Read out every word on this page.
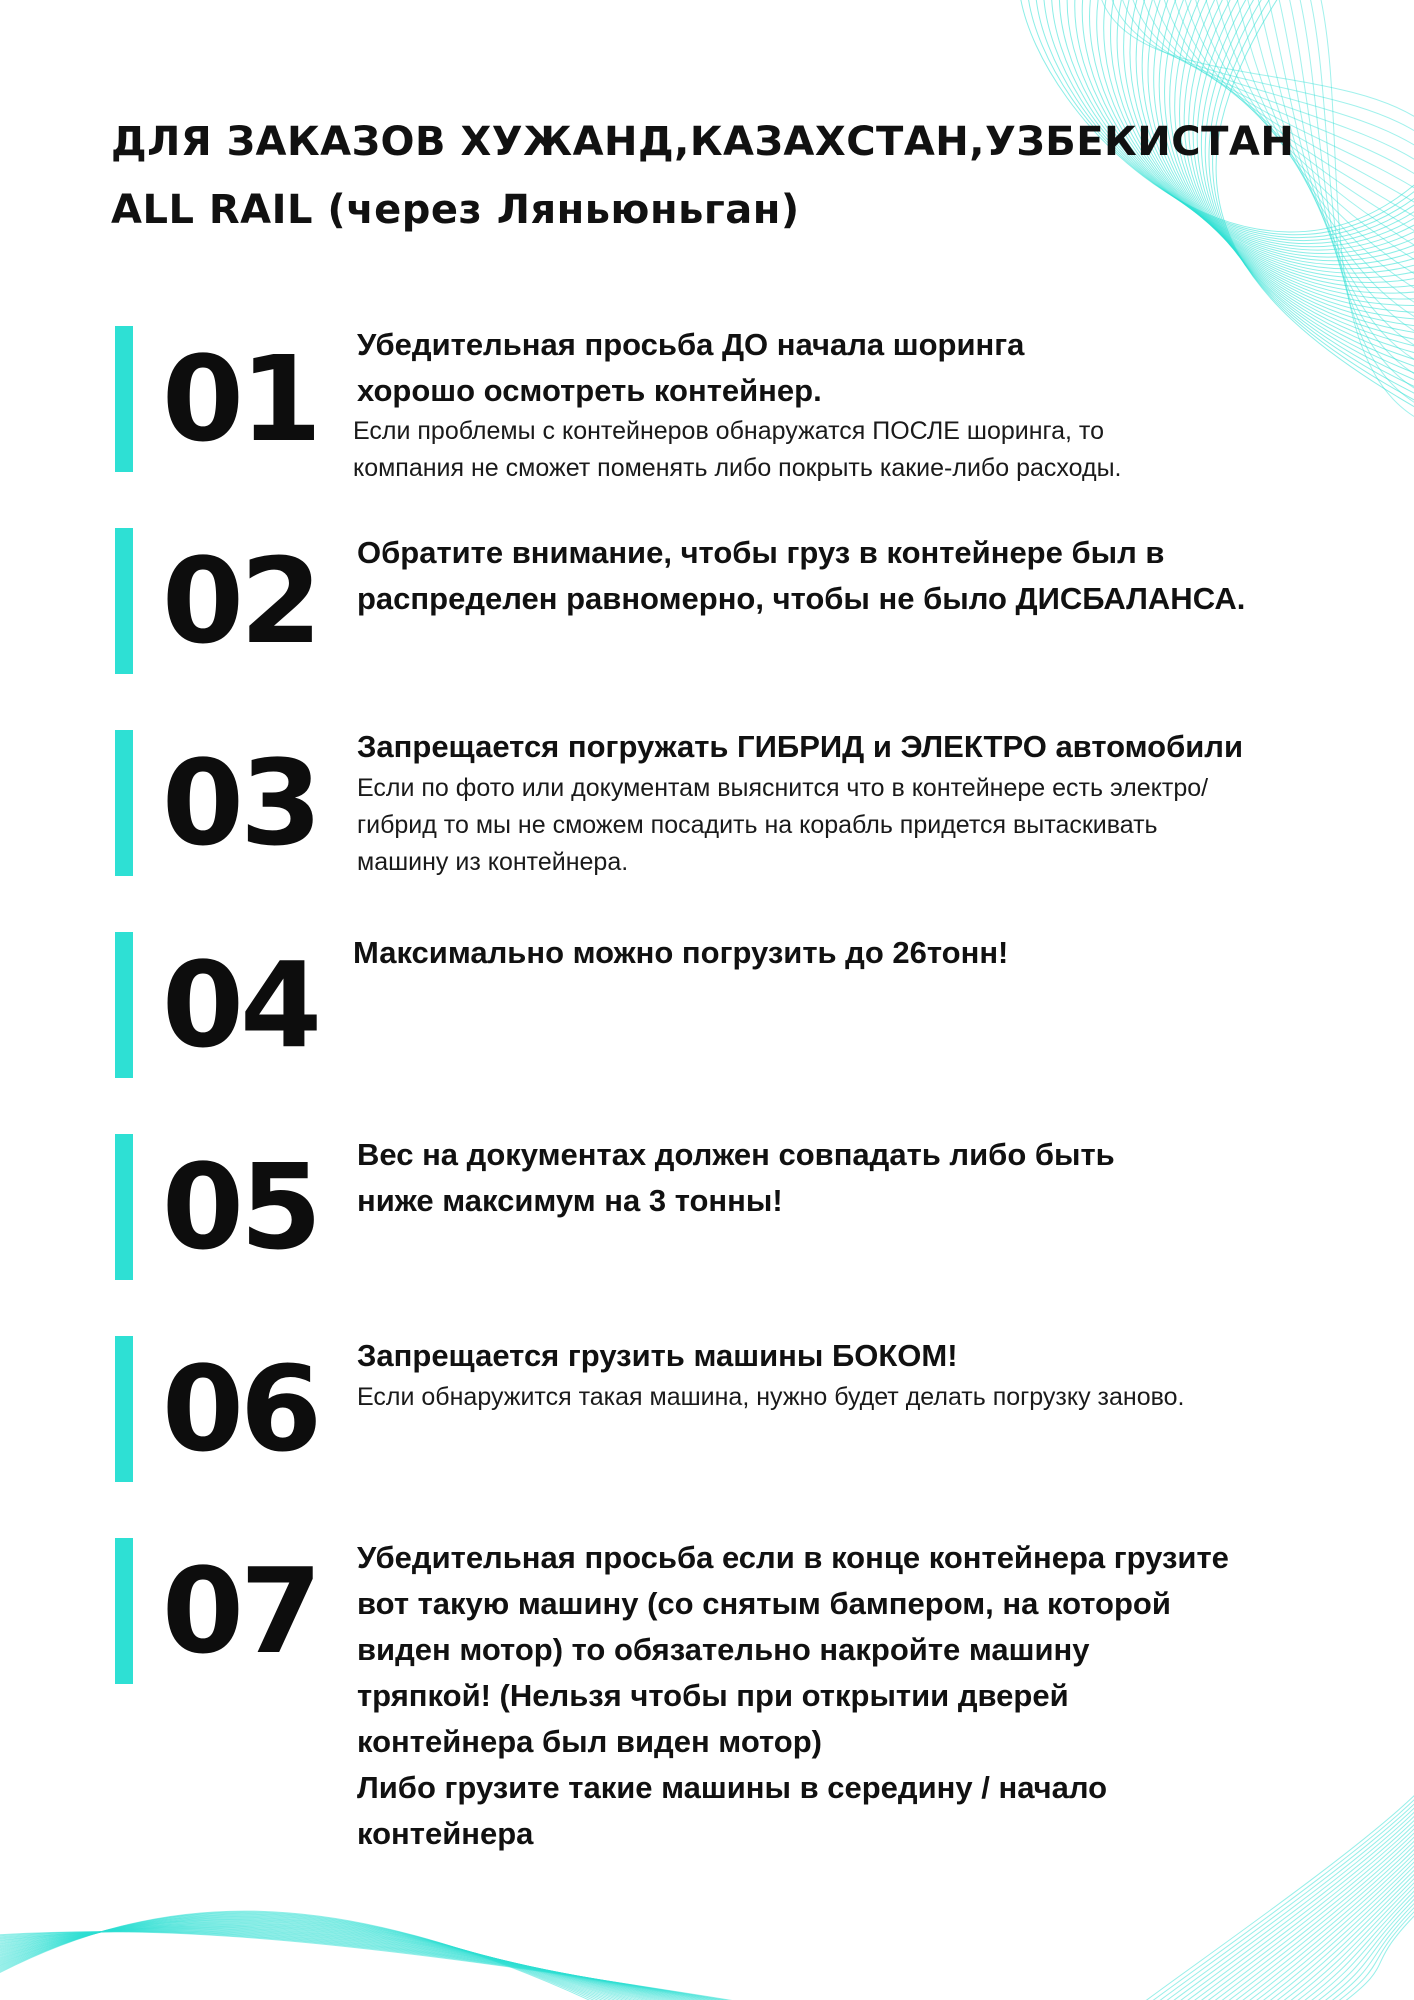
ДЛЯ ЗАКАЗОВ ХУЖАНД,КАЗАХСТАН,УЗБЕКИСТАН
ALL RAIL (через Ляньюньган)
01	Убедительная просьба ДО начала шоринга
хорошо осмотреть контейнер.
Если проблемы с контейнеров обнаружатся ПОСЛЕ шоринга, то
компания не сможет поменять либо покрыть какие-либо расходы.
02	Обратите внимание, чтобы груз в контейнере был в
распределен равномерно, чтобы не было ДИСБАЛАНСА.
03	Запрещается погружать ГИБРИД и ЭЛЕКТРО автомобили
Если по фото или документам выяснится что в контейнере есть электро/
гибрид то мы не сможем посадить на корабль придется вытаскивать
машину из контейнера.
04	Максимально можно погрузить до 26тонн!
05	Вес на документах должен совпадать либо быть
ниже максимум на 3 тонны!
06	Запрещается грузить машины БОКОМ!
Если обнаружится такая машина, нужно будет делать погрузку заново.
07	Убедительная просьба если в конце контейнера грузите
вот такую машину (со снятым бампером, на которой
виден мотор) то обязательно накройте машину
тряпкой! (Нельзя чтобы при открытии дверей
контейнера был виден мотор)
Либо грузите такие машины в середину / начало
контейнера
